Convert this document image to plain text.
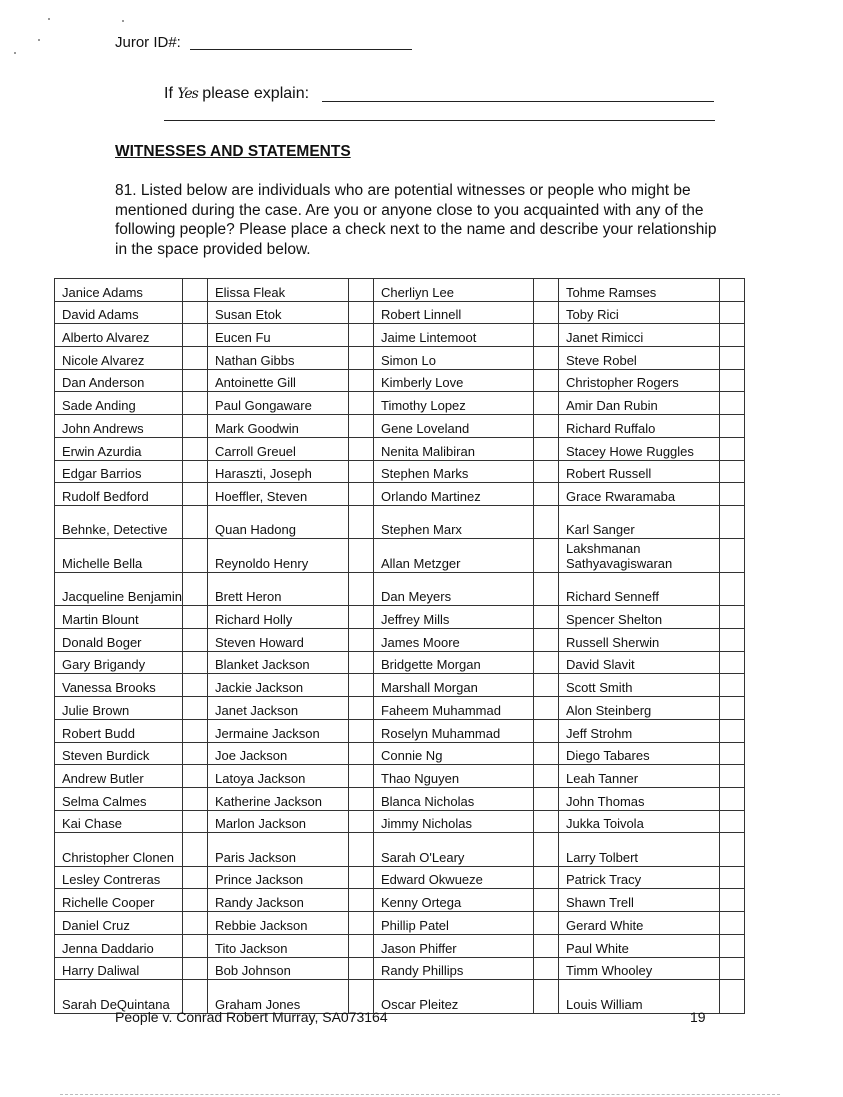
Juror ID#:
If Yes please explain:
WITNESSES AND STATEMENTS
81. Listed below are individuals who are potential witnesses or people who might be mentioned during the case. Are you or anyone close to you acquainted with any of the following people? Please place a check next to the name and describe your relationship in the space provided below.
Janice Adams		Elissa Fleak		Cherliyn Lee		Tohme Ramses	
David Adams		Susan Etok		Robert Linnell		Toby Rici	
Alberto Alvarez		Eucen Fu		Jaime Lintemoot		Janet Rimicci	
Nicole Alvarez		Nathan Gibbs		Simon Lo		Steve Robel	
Dan Anderson		Antoinette Gill		Kimberly Love		Christopher Rogers	
Sade Anding		Paul Gongaware		Timothy Lopez		Amir Dan Rubin	
John Andrews		Mark Goodwin		Gene Loveland		Richard Ruffalo	
Erwin Azurdia		Carroll Greuel		Nenita Malibiran		Stacey Howe Ruggles	
Edgar Barrios		Haraszti, Joseph		Stephen Marks		Robert Russell	
Rudolf Bedford		Hoeffler, Steven		Orlando Martinez		Grace Rwaramaba	
Behnke, Detective		Quan Hadong		Stephen Marx		Karl Sanger	
Michelle Bella		Reynoldo Henry		Allan Metzger		Lakshmanan Sathyavagiswaran	
Jacqueline Benjamin		Brett Heron		Dan Meyers		Richard Senneff	
Martin Blount		Richard Holly		Jeffrey Mills		Spencer Shelton	
Donald Boger		Steven Howard		James Moore		Russell Sherwin	
Gary Brigandy		Blanket Jackson		Bridgette Morgan		David Slavit	
Vanessa Brooks		Jackie Jackson		Marshall Morgan		Scott Smith	
Julie Brown		Janet Jackson		Faheem Muhammad		Alon Steinberg	
Robert Budd		Jermaine Jackson		Roselyn Muhammad		Jeff Strohm	
Steven Burdick		Joe Jackson		Connie Ng		Diego Tabares	
Andrew Butler		Latoya Jackson		Thao Nguyen		Leah Tanner	
Selma Calmes		Katherine Jackson		Blanca Nicholas		John Thomas	
Kai Chase		Marlon Jackson		Jimmy Nicholas		Jukka Toivola	
Christopher Clonen		Paris Jackson		Sarah O'Leary		Larry Tolbert	
Lesley Contreras		Prince Jackson		Edward Okwueze		Patrick Tracy	
Richelle Cooper		Randy Jackson		Kenny Ortega		Shawn Trell	
Daniel Cruz		Rebbie Jackson		Phillip Patel		Gerard White	
Jenna Daddario		Tito Jackson		Jason Phiffer		Paul White	
Harry Daliwal		Bob Johnson		Randy Phillips		Timm Whooley	
Sarah DeQuintana		Graham Jones		Oscar Pleitez		Louis William	
People v. Conrad Robert Murray, SA073164	19
